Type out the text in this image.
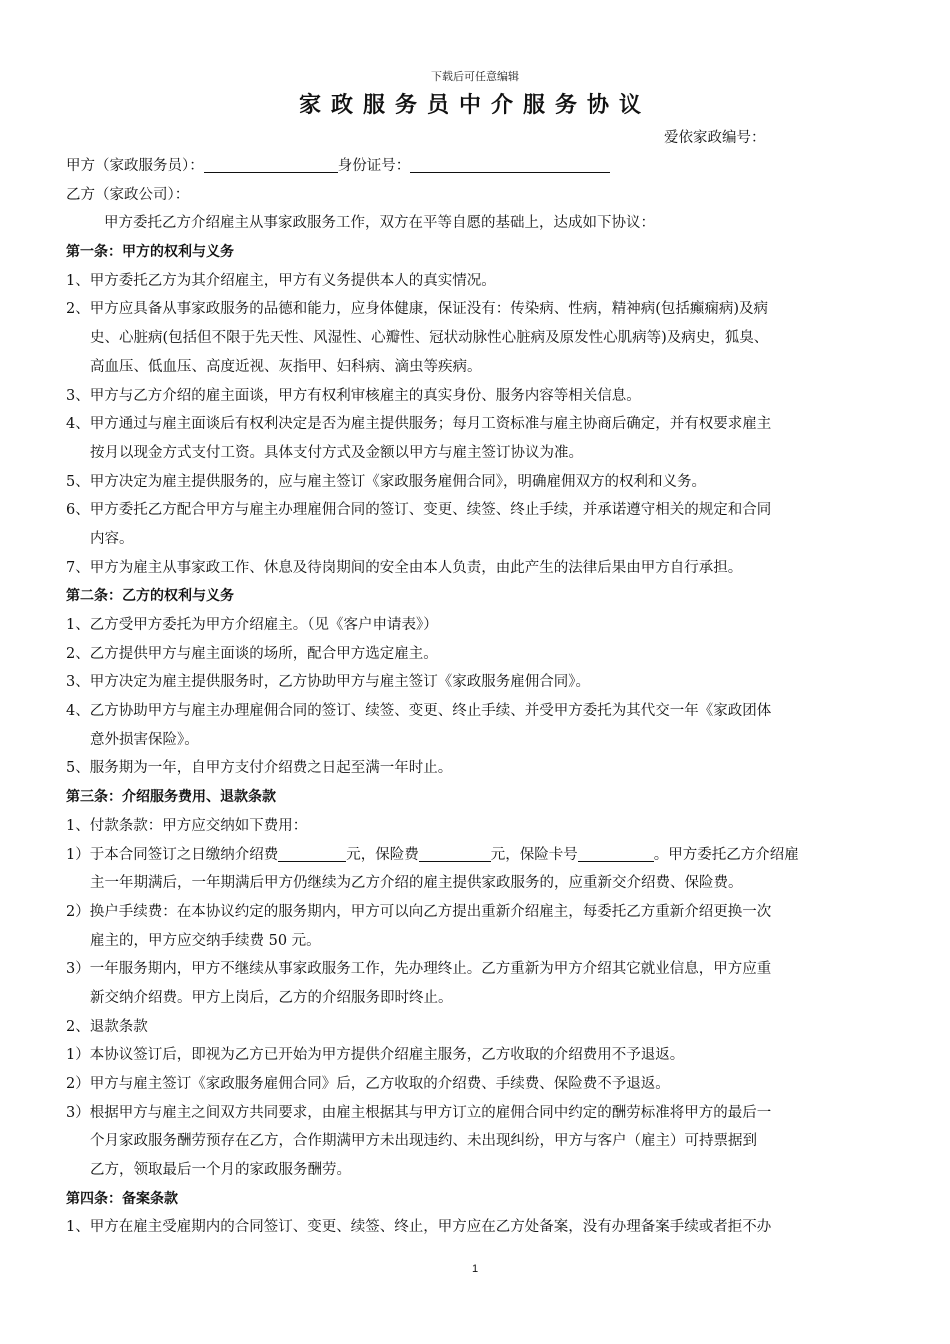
下载后可任意编辑
家政服务员中介服务协议
爱依家政编号：
甲方（家政服务员）：	身份证号：
乙方（家政公司）：
甲方委托乙方介绍雇主从事家政服务工作，双方在平等自愿的基础上，达成如下协议：
第一条：甲方的权利与义务
1、甲方委托乙方为其介绍雇主，甲方有义务提供本人的真实情况。
2、甲方应具备从事家政服务的品德和能力，应身体健康，保证没有：传染病、性病，精神病(包括癫痫病)及病
史、心脏病(包括但不限于先天性、风湿性、心瓣性、冠状动脉性心脏病及原发性心肌病等)及病史，狐臭、
高血压、低血压、高度近视、灰指甲、妇科病、滴虫等疾病。
3、甲方与乙方介绍的雇主面谈，甲方有权利审核雇主的真实身份、服务内容等相关信息。
4、甲方通过与雇主面谈后有权利决定是否为雇主提供服务；每月工资标准与雇主协商后确定，并有权要求雇主
按月以现金方式支付工资。具体支付方式及金额以甲方与雇主签订协议为准。
5、甲方决定为雇主提供服务的，应与雇主签订《家政服务雇佣合同》，明确雇佣双方的权利和义务。
6、甲方委托乙方配合甲方与雇主办理雇佣合同的签订、变更、续签、终止手续，并承诺遵守相关的规定和合同
内容。
7、甲方为雇主从事家政工作、休息及待岗期间的安全由本人负责，由此产生的法律后果由甲方自行承担。
第二条：乙方的权利与义务
1、乙方受甲方委托为甲方介绍雇主。（见《客户申请表》）
2、乙方提供甲方与雇主面谈的场所，配合甲方选定雇主。
3、甲方决定为雇主提供服务时，乙方协助甲方与雇主签订《家政服务雇佣合同》。
4、乙方协助甲方与雇主办理雇佣合同的签订、续签、变更、终止手续、并受甲方委托为其代交一年《家政团体
意外损害保险》。
5、服务期为一年，自甲方支付介绍费之日起至满一年时止。
第三条：介绍服务费用、退款条款
1、付款条款：甲方应交纳如下费用：
1）于本合同签订之日缴纳介绍费	元，保险费	元，保险卡号	。甲方委托乙方介绍雇
主一年期满后，一年期满后甲方仍继续为乙方介绍的雇主提供家政服务的，应重新交介绍费、保险费。
2）换户手续费：在本协议约定的服务期内，甲方可以向乙方提出重新介绍雇主，每委托乙方重新介绍更换一次
雇主的，甲方应交纳手续费 50 元。
3）一年服务期内，甲方不继续从事家政服务工作，先办理终止。乙方重新为甲方介绍其它就业信息，甲方应重
新交纳介绍费。甲方上岗后，乙方的介绍服务即时终止。
2、退款条款
1）本协议签订后，即视为乙方已开始为甲方提供介绍雇主服务，乙方收取的介绍费用不予退返。
2）甲方与雇主签订《家政服务雇佣合同》后，乙方收取的介绍费、手续费、保险费不予退返。
3）根据甲方与雇主之间双方共同要求，由雇主根据其与甲方订立的雇佣合同中约定的酬劳标准将甲方的最后一
个月家政服务酬劳预存在乙方，合作期满甲方未出现违约、未出现纠纷，甲方与客户（雇主）可持票据到
乙方，领取最后一个月的家政服务酬劳。
第四条：备案条款
1、甲方在雇主受雇期内的合同签订、变更、续签、终止，甲方应在乙方处备案，没有办理备案手续或者拒不办
1
